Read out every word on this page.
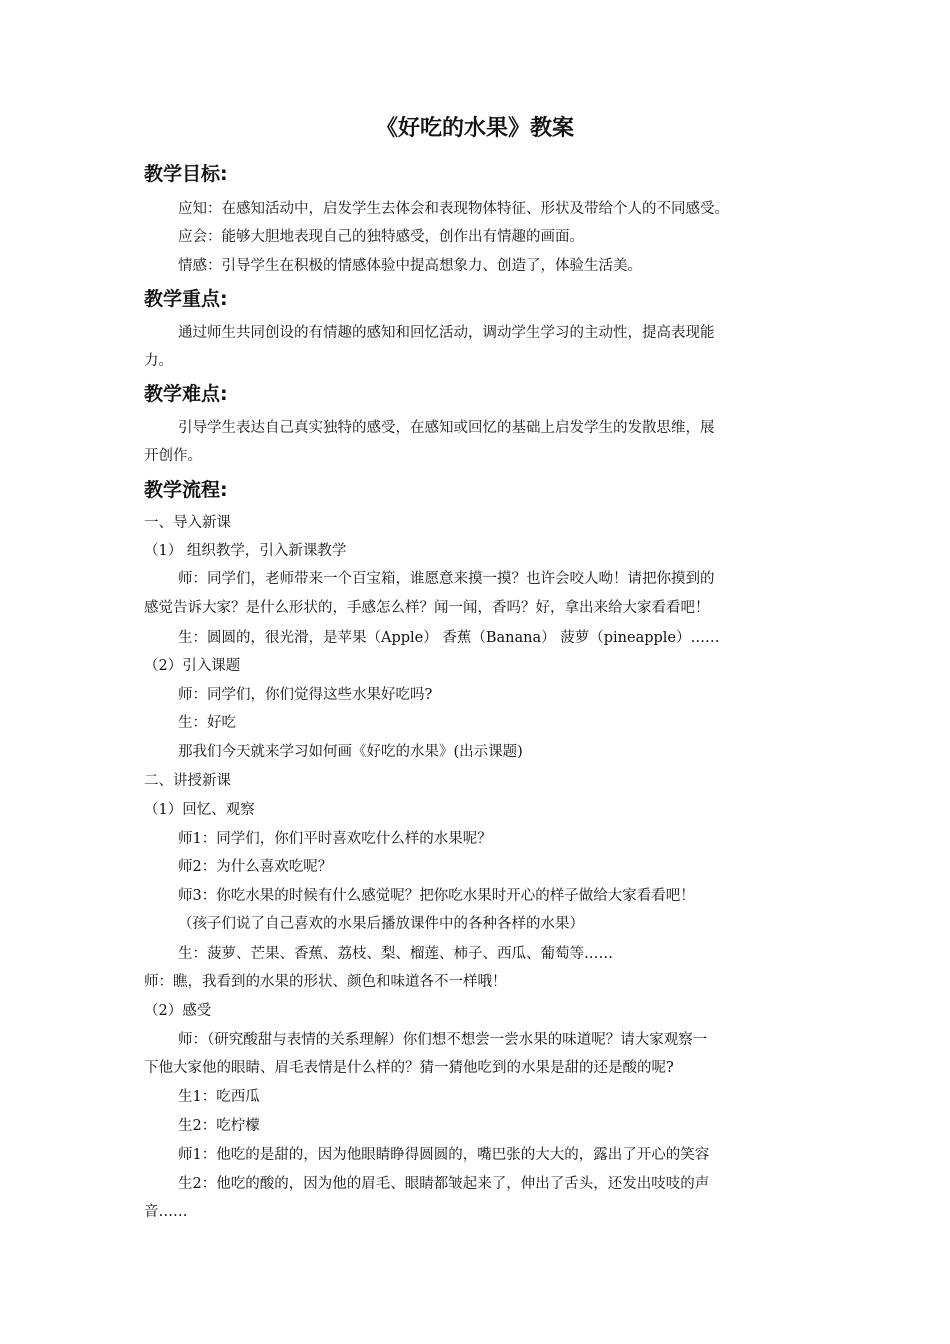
《好吃的水果》教案
教学目标:
应知：在感知活动中，启发学生去体会和表现物体特征、形状及带给个人的不同感受。
应会：能够大胆地表现自己的独特感受，创作出有情趣的画面。
情感：引导学生在积极的情感体验中提高想象力、创造了，体验生活美。
教学重点:
通过师生共同创设的有情趣的感知和回忆活动，调动学生学习的主动性，提高表现能
力。
教学难点:
引导学生表达自己真实独特的感受，在感知或回忆的基础上启发学生的发散思维，展
开创作。
教学流程:
一、导入新课
（1） 组织教学，引入新课教学
师：同学们，老师带来一个百宝箱，谁愿意来摸一摸？也许会咬人呦！请把你摸到的
感觉告诉大家？是什么形状的，手感怎么样？闻一闻，香吗？好，拿出来给大家看看吧！
生：圆圆的，很光滑，是苹果（Apple） 香蕉（Banana） 菠萝（pineapple）……
（2）引入课题
师：同学们，你们觉得这些水果好吃吗?
生：好吃
那我们今天就来学习如何画《好吃的水果》(出示课题)
二、讲授新课
（1）回忆、观察
师1：同学们，你们平时喜欢吃什么样的水果呢？
师2：为什么喜欢吃呢？
师3：你吃水果的时候有什么感觉呢？把你吃水果时开心的样子做给大家看看吧！
（孩子们说了自己喜欢的水果后播放课件中的各种各样的水果）
生：菠萝、芒果、香蕉、荔枝、梨、榴莲、柿子、西瓜、葡萄等……
师：瞧，我看到的水果的形状、颜色和味道各不一样哦！
（2）感受
师：（研究酸甜与表情的关系理解）你们想不想尝一尝水果的味道呢？请大家观察一
下他大家他的眼睛、眉毛表情是什么样的？猜一猜他吃到的水果是甜的还是酸的呢?
生1：吃西瓜
生2：吃柠檬
师1：他吃的是甜的，因为他眼睛睁得圆圆的，嘴巴张的大大的，露出了开心的笑容
生2：他吃的酸的，因为他的眉毛、眼睛都皱起来了，伸出了舌头，还发出吱吱的声
音……
